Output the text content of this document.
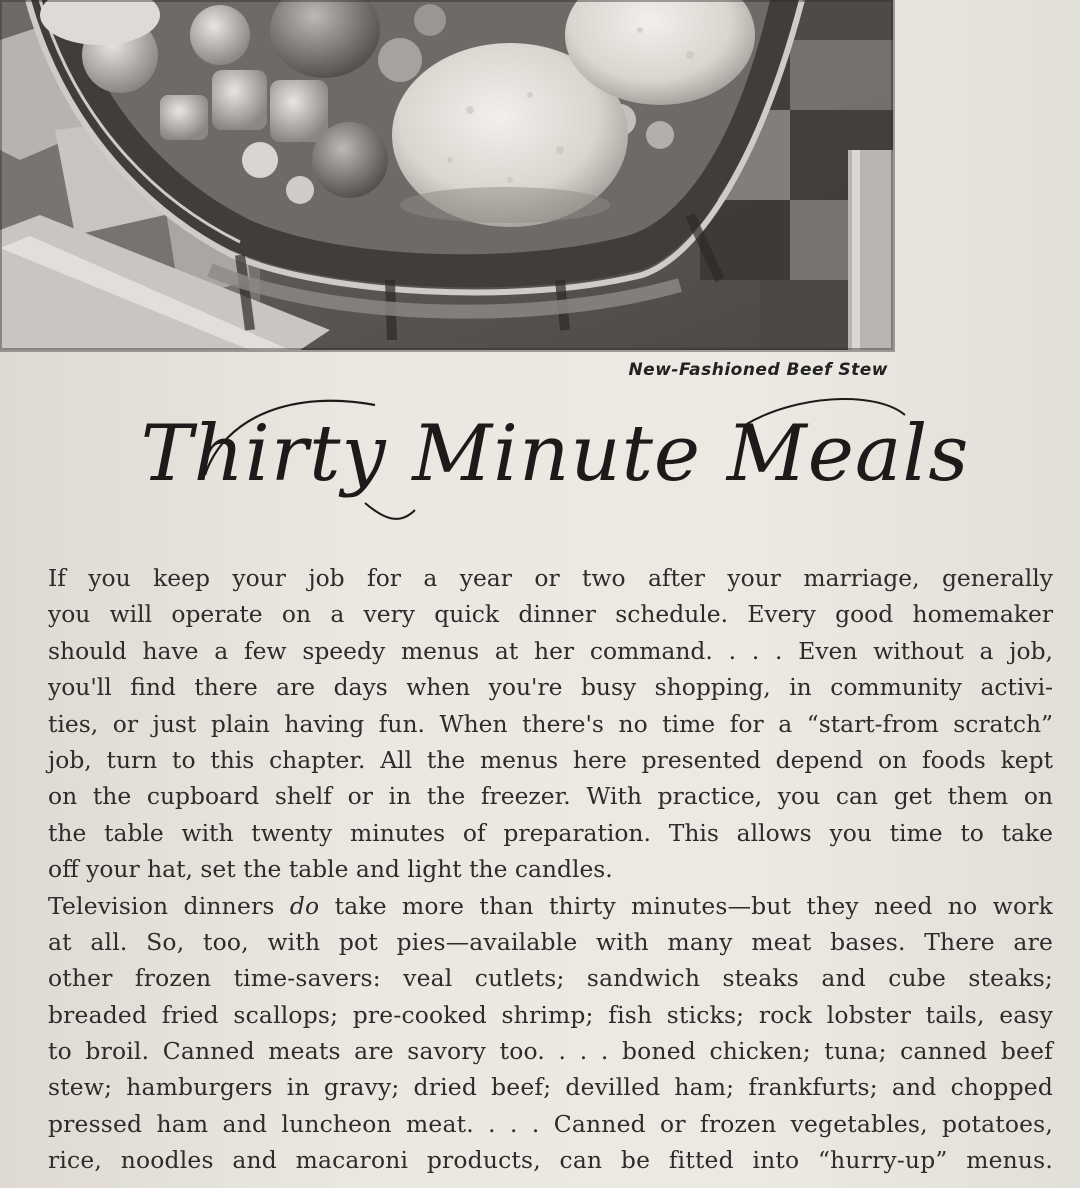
New-Fashioned Beef Stew
Thirty Minute Meals
If you keep your job for a year or two after your marriage, generally
you will operate on a very quick dinner schedule. Every good homemaker
should have a few speedy menus at her command. . . . Even without a job,
you'll find there are days when you're busy shopping, in community activi-
ties, or just plain having fun. When there's no time for a “start-from scratch”
job, turn to this chapter. All the menus here presented depend on foods kept
on the cupboard shelf or in the freezer. With practice, you can get them on
the table with twenty minutes of preparation. This allows you time to take
off your hat, set the table and light the candles.
Television dinners do take more than thirty minutes—but they need no work
at all. So, too, with pot pies—available with many meat bases. There are
other frozen time-savers: veal cutlets; sandwich steaks and cube steaks;
breaded fried scallops; pre-cooked shrimp; fish sticks; rock lobster tails, easy
to broil. Canned meats are savory too. . . . boned chicken; tuna; canned beef
stew; hamburgers in gravy; dried beef; devilled ham; frankfurts; and chopped
pressed ham and luncheon meat. . . . Canned or frozen vegetables, potatoes,
rice, noodles and macaroni products, can be fitted into “hurry-up” menus.
